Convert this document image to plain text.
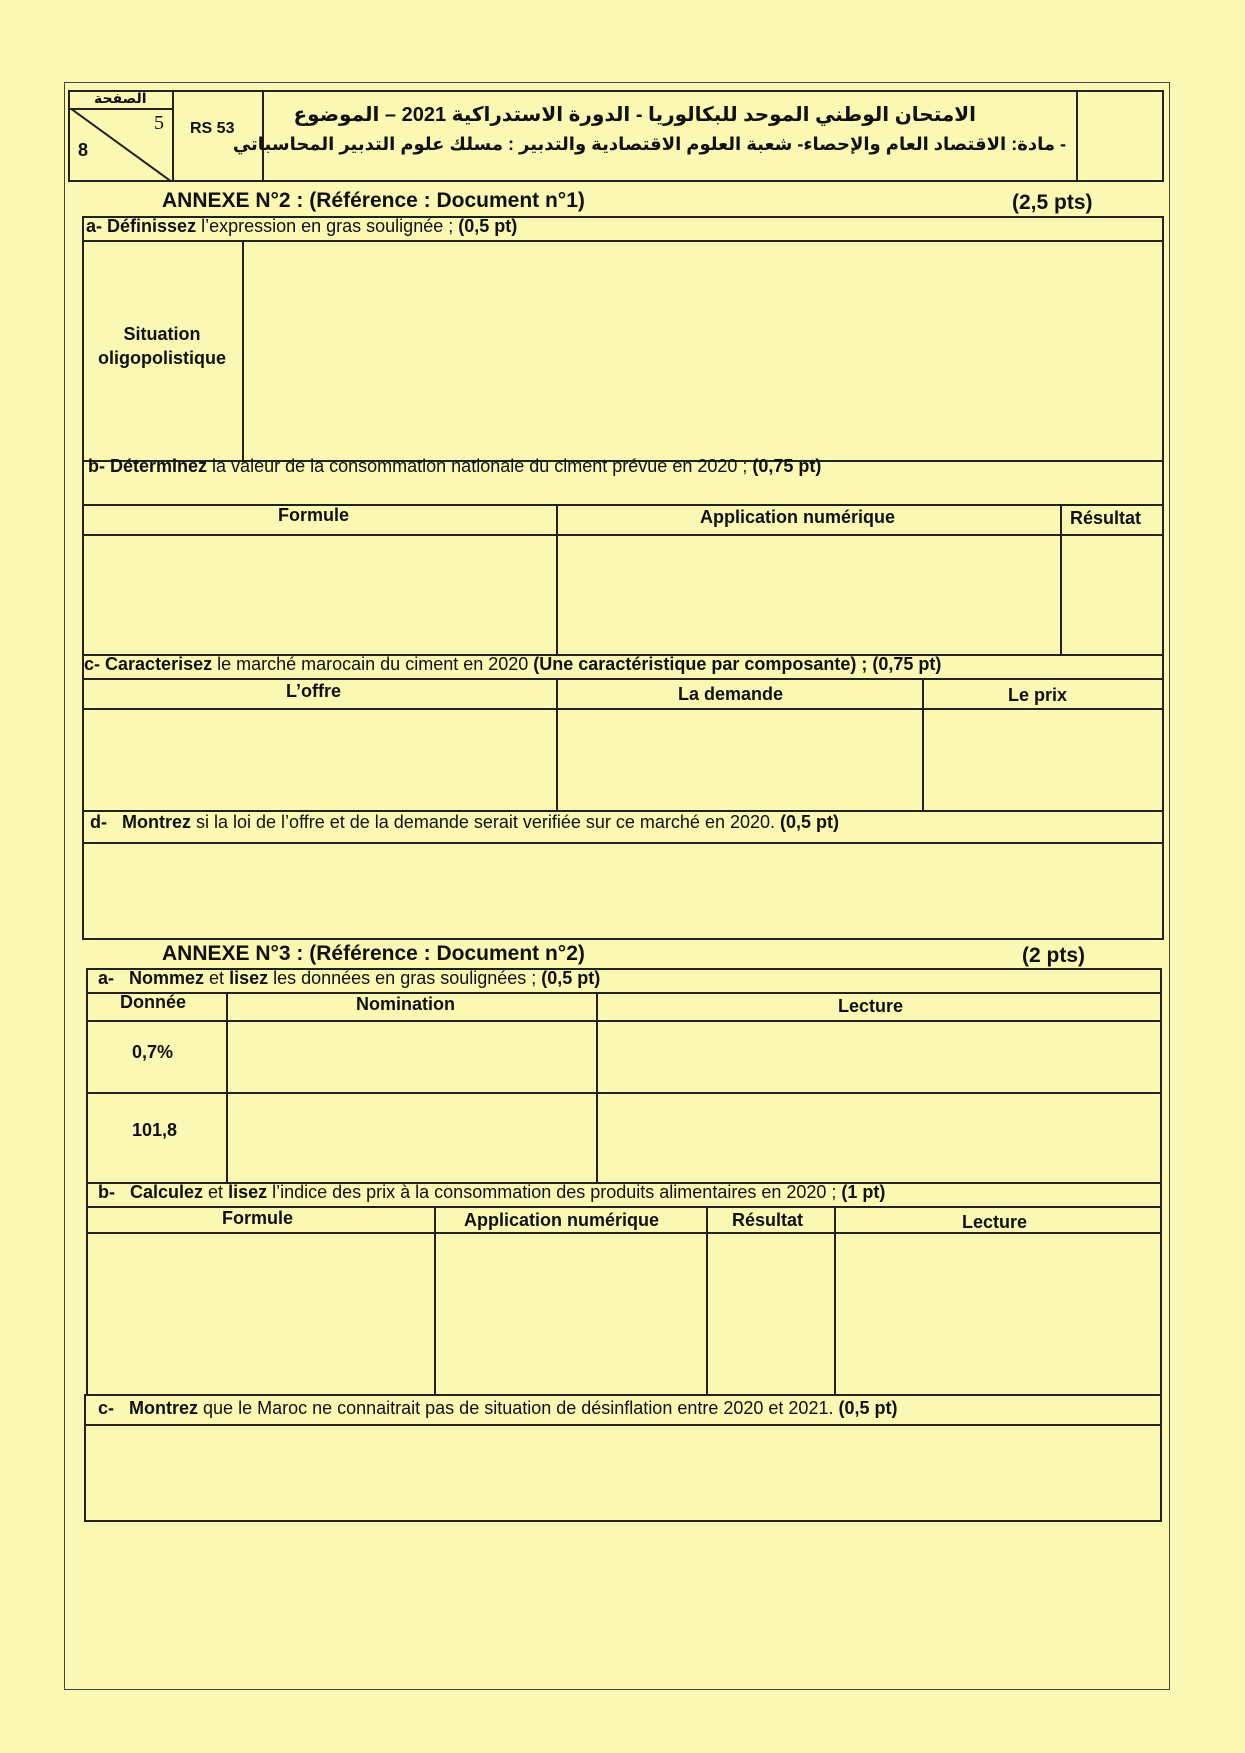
الصفحة
5
8
RS 53
الامتحان الوطني الموحد للبكالوريا - الدورة الاستدراكية 2021 – الموضوع
- مادة: الاقتصاد العام والإحصاء- شعبة العلوم الاقتصادية والتدبير : مسلك علوم التدبير المحاسباتي
ANNEXE N°2 : (Référence : Document n°1)	(2,5 pts)
a- Définissez l’expression en gras soulignée ; (0,5 pt)
Situation
oligopolistique
b- Déterminez la valeur de la consommation nationale du ciment prévue en 2020 ; (0,75 pt)
Formule	Application numérique	Résultat
c- Caracterisez le marché marocain du ciment en 2020 (Une caractéristique par composante) ; (0,75 pt)
L’offre	La demande	Le prix
d- Montrez si la loi de l’offre et de la demande serait verifiée sur ce marché en 2020. (0,5 pt)
ANNEXE N°3 : (Référence : Document n°2)	(2 pts)
a- Nommez et lisez les données en gras soulignées ; (0,5 pt)
Donnée	Nomination	Lecture
0,7%
101,8
b- Calculez et lisez l’indice des prix à la consommation des produits alimentaires en 2020 ; (1 pt)
Formule	Application numérique	Résultat	Lecture
c- Montrez que le Maroc ne connaitrait pas de situation de désinflation entre 2020 et 2021. (0,5 pt)
